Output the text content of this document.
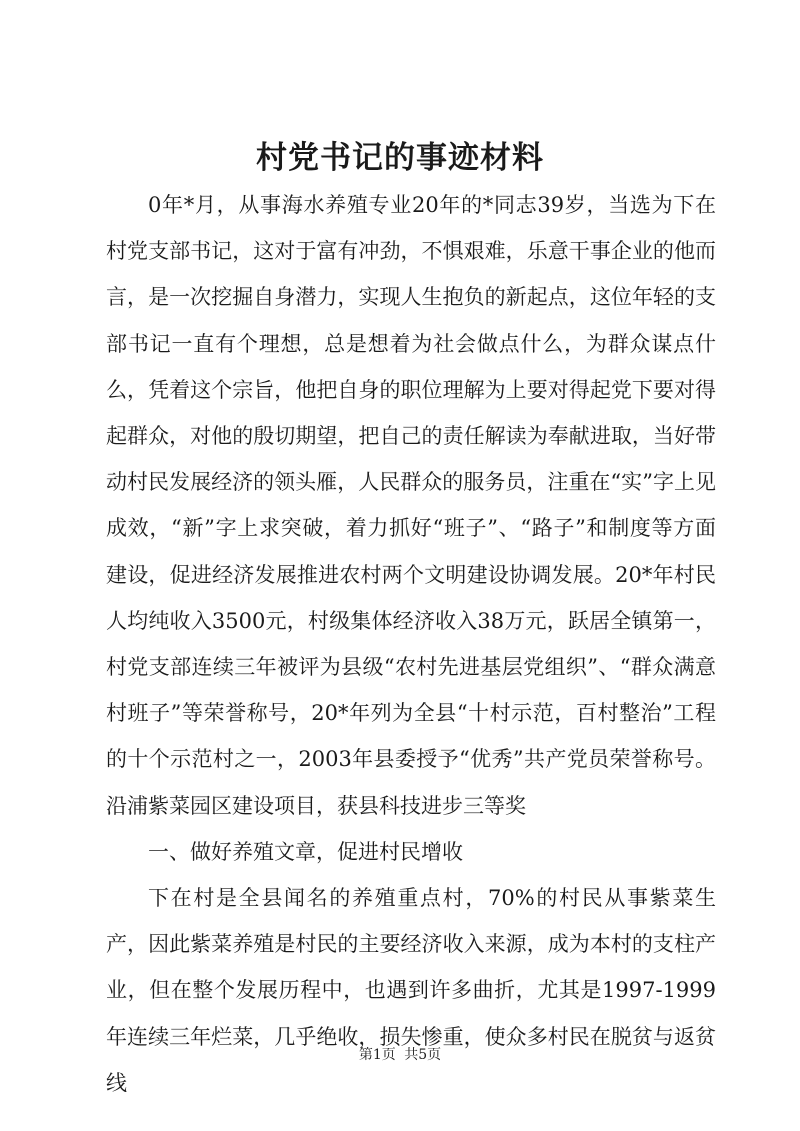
村党书记的事迹材料

0年*月，从事海水养殖专业20年的*同志39岁，当选为下在村党支部书记，这对于富有冲劲，不惧艰难，乐意干事企业的他而言，是一次挖掘自身潜力，实现人生抱负的新起点，这位年轻的支部书记一直有个理想，总是想着为社会做点什么，为群众谋点什么，凭着这个宗旨，他把自身的职位理解为上要对得起党下要对得起群众，对他的殷切期望，把自己的责任解读为奉献进取，当好带动村民发展经济的领头雁，人民群众的服务员，注重在“实”字上见成效，“新”字上求突破，着力抓好“班子”、“路子”和制度等方面建设，促进经济发展推进农村两个文明建设协调发展。20*年村民人均纯收入3500元，村级集体经济收入38万元，跃居全镇第一，村党支部连续三年被评为县级“农村先进基层党组织”、“群众满意村班子”等荣誉称号，20*年列为全县“十村示范，百村整治”工程的十个示范村之一，2003年县委授予“优秀”共产党员荣誉称号。沿浦紫菜园区建设项目，获县科技进步三等奖

一、做好养殖文章，促进村民增收

下在村是全县闻名的养殖重点村，70%的村民从事紫菜生产，因此紫菜养殖是村民的主要经济收入来源，成为本村的支柱产业，但在整个发展历程中，也遇到许多曲折，尤其是1997-1999年连续三年烂菜，几乎绝收，损失惨重，使众多村民在脱贫与返贫线

第1页 共5页
